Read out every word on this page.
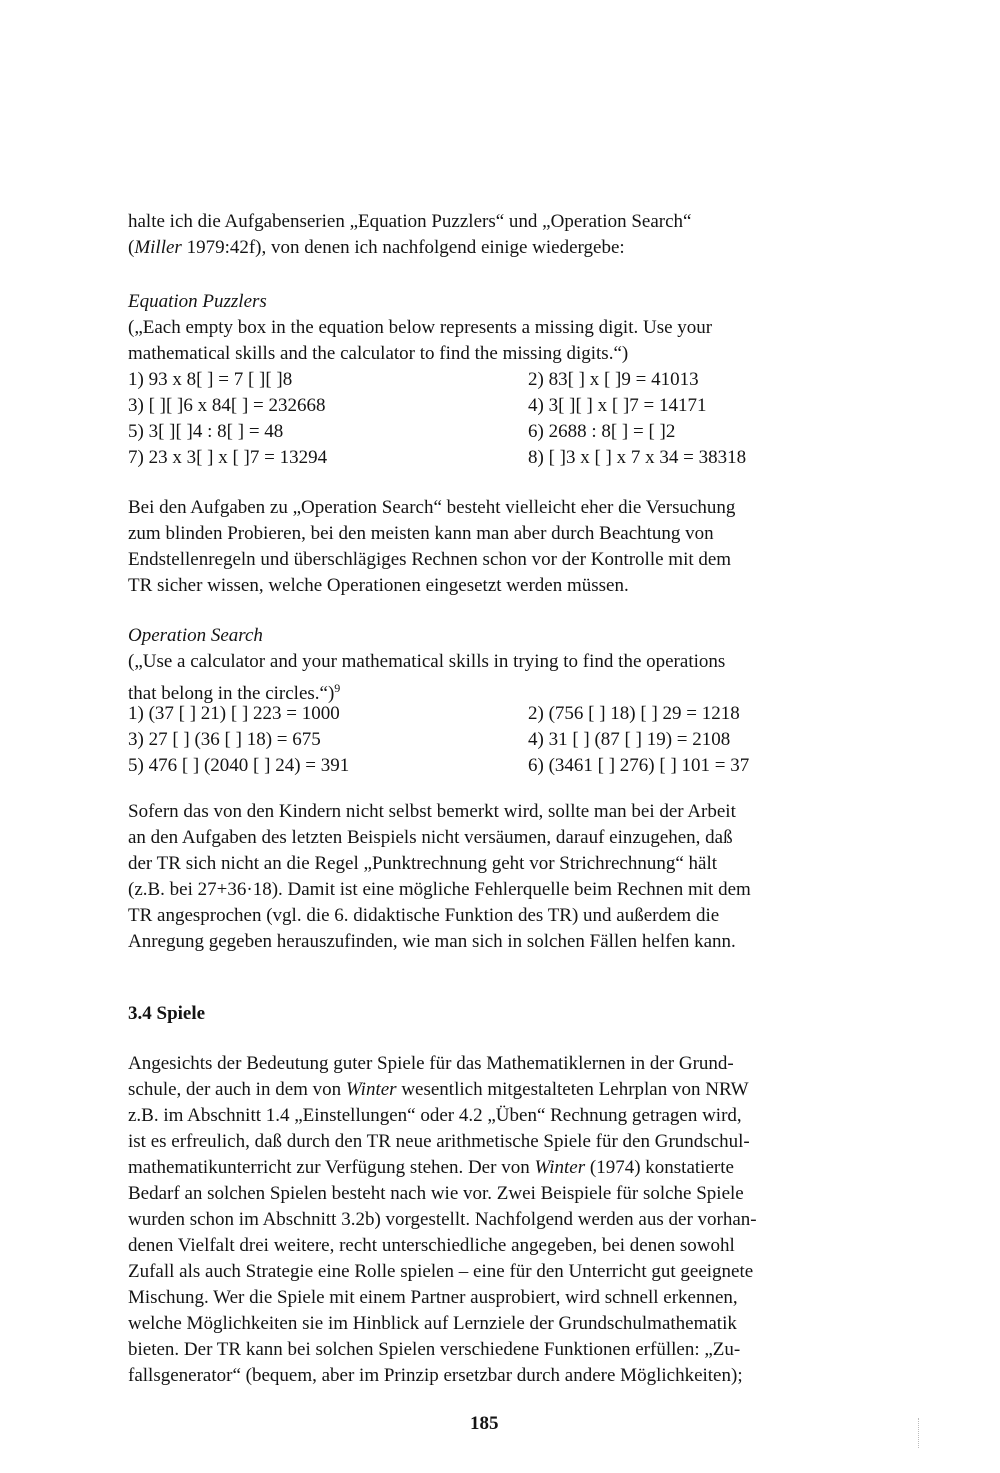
halte ich die Aufgabenserien „Equation Puzzlers“ und „Operation Search“
(Miller 1979:42f), von denen ich nachfolgend einige wiedergebe:
Equation Puzzlers
(„Each empty box in the equation below represents a missing digit. Use your
mathematical skills and the calculator to find the missing digits.“)
1) 93 x 8[ ] = 7 [ ][ ]8	2) 83[ ] x [ ]9 = 41013
3) [ ][ ]6 x 84[ ] = 232668	4) 3[ ][ ] x [ ]7 = 14171
5) 3[ ][ ]4 : 8[ ] = 48	6) 2688 : 8[ ] = [ ]2
7) 23 x 3[ ] x [ ]7 = 13294	8) [ ]3 x [ ] x 7 x 34 = 38318
Bei den Aufgaben zu „Operation Search“ besteht vielleicht eher die Versuchung
zum blinden Probieren, bei den meisten kann man aber durch Beachtung von
Endstellenregeln und überschlägiges Rechnen schon vor der Kontrolle mit dem
TR sicher wissen, welche Operationen eingesetzt werden müssen.
Operation Search
(„Use a calculator and your mathematical skills in trying to find the operations
that belong in the circles.“)$^9$
1) (37 [ ] 21) [ ] 223 = 1000	2) (756 [ ] 18) [ ] 29 = 1218
3) 27 [ ] (36 [ ] 18) = 675	4) 31 [ ] (87 [ ] 19) = 2108
5) 476 [ ] (2040 [ ] 24) = 391	6) (3461 [ ] 276) [ ] 101 = 37
Sofern das von den Kindern nicht selbst bemerkt wird, sollte man bei der Arbeit
an den Aufgaben des letzten Beispiels nicht versäumen, darauf einzugehen, daß
der TR sich nicht an die Regel „Punktrechnung geht vor Strichrechnung“ hält
(z.B. bei 27+36·18). Damit ist eine mögliche Fehlerquelle beim Rechnen mit dem
TR angesprochen (vgl. die 6. didaktische Funktion des TR) und außerdem die
Anregung gegeben herauszufinden, wie man sich in solchen Fällen helfen kann.
3.4 Spiele
Angesichts der Bedeutung guter Spiele für das Mathematiklernen in der Grund-
schule, der auch in dem von Winter wesentlich mitgestalteten Lehrplan von NRW
z.B. im Abschnitt 1.4 „Einstellungen“ oder 4.2 „Üben“ Rechnung getragen wird,
ist es erfreulich, daß durch den TR neue arithmetische Spiele für den Grundschul-
mathematikunterricht zur Verfügung stehen. Der von Winter (1974) konstatierte
Bedarf an solchen Spielen besteht nach wie vor. Zwei Beispiele für solche Spiele
wurden schon im Abschnitt 3.2b) vorgestellt. Nachfolgend werden aus der vorhan-
denen Vielfalt drei weitere, recht unterschiedliche angegeben, bei denen sowohl
Zufall als auch Strategie eine Rolle spielen – eine für den Unterricht gut geeignete
Mischung. Wer die Spiele mit einem Partner ausprobiert, wird schnell erkennen,
welche Möglichkeiten sie im Hinblick auf Lernziele der Grundschulmathematik
bieten. Der TR kann bei solchen Spielen verschiedene Funktionen erfüllen: „Zu-
fallsgenerator“ (bequem, aber im Prinzip ersetzbar durch andere Möglichkeiten);
185
